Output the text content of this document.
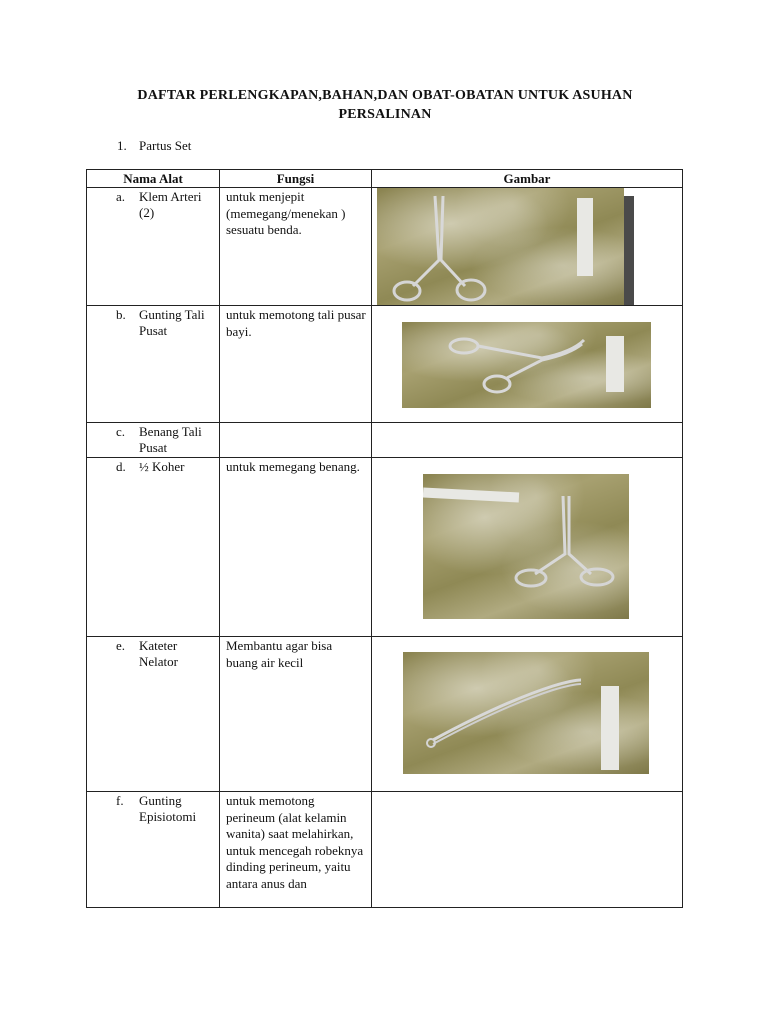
DAFTAR PERLENGKAPAN,BAHAN,DAN OBAT-OBATAN UNTUK ASUHAN PERSALINAN
1. Partus Set
Nama Alat	Fungsi	Gambar

a. Klem Arteri (2)	untuk menjepit (memegang/menekan ) sesuatu benda.

b. Gunting Tali Pusat	untuk memotong tali pusar bayi.

c. Benang Tali Pusat		

d. ½ Koher	untuk memegang benang.

e. Kateter Nelator	Membantu agar bisa buang air kecil

f. Gunting Episiotomi	untuk memotong perineum (alat kelamin wanita) saat melahirkan, untuk mencegah robeknya dinding perineum, yaitu antara anus dan	
